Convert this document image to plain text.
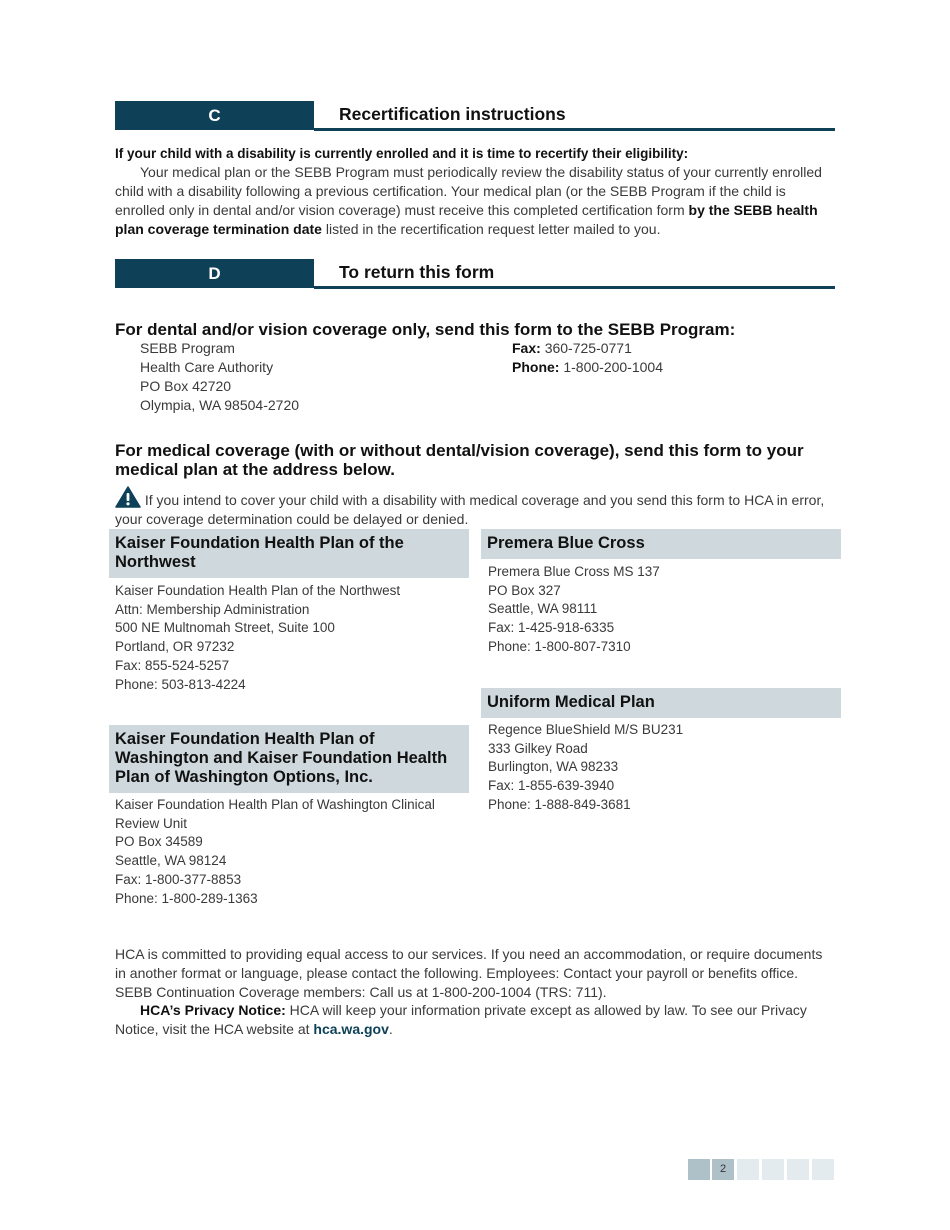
C	Recertification instructions
If your child with a disability is currently enrolled and it is time to recertify their eligibility:
Your medical plan or the SEBB Program must periodically review the disability status of your currently enrolled child with a disability following a previous certification. Your medical plan (or the SEBB Program if the child is enrolled only in dental and/or vision coverage) must receive this completed certification form by the SEBB health plan coverage termination date listed in the recertification request letter mailed to you.
D	To return this form
For dental and/or vision coverage only, send this form to the SEBB Program:
SEBB Program
Health Care Authority
PO Box 42720
Olympia, WA 98504-2720
Fax: 360-725-0771
Phone: 1-800-200-1004
For medical coverage (with or without dental/vision coverage), send this form to your medical plan at the address below.
If you intend to cover your child with a disability with medical coverage and you send this form to HCA in error, your coverage determination could be delayed or denied.
Kaiser Foundation Health Plan of the Northwest
Kaiser Foundation Health Plan of the Northwest
Attn: Membership Administration
500 NE Multnomah Street, Suite 100
Portland, OR 97232
Fax: 855-524-5257
Phone: 503-813-4224
Kaiser Foundation Health Plan of Washington and Kaiser Foundation Health Plan of Washington Options, Inc.
Kaiser Foundation Health Plan of Washington Clinical
Review Unit
PO Box 34589
Seattle, WA 98124
Fax: 1-800-377-8853
Phone: 1-800-289-1363
Premera Blue Cross
Premera Blue Cross MS 137
PO Box 327
Seattle, WA 98111
Fax: 1-425-918-6335
Phone: 1-800-807-7310
Uniform Medical Plan
Regence BlueShield M/S BU231
333 Gilkey Road
Burlington, WA 98233
Fax: 1-855-639-3940
Phone: 1-888-849-3681
HCA is committed to providing equal access to our services. If you need an accommodation, or require documents in another format or language, please contact the following. Employees: Contact your payroll or benefits office. SEBB Continuation Coverage members: Call us at 1-800-200-1004 (TRS: 711).
HCA’s Privacy Notice: HCA will keep your information private except as allowed by law. To see our Privacy Notice, visit the HCA website at hca.wa.gov.
2
